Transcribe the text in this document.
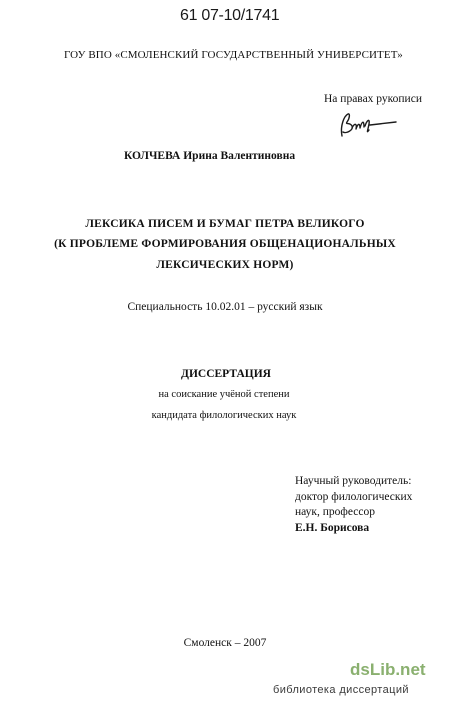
61 07-10/1741
ГОУ ВПО «СМОЛЕНСКИЙ ГОСУДАРСТВЕННЫЙ УНИВЕРСИТЕТ»
На правах рукописи
КОЛЧЕВА Ирина Валентиновна
ЛЕКСИКА ПИСЕМ И БУМАГ ПЕТРА ВЕЛИКОГО
(К ПРОБЛЕМЕ ФОРМИРОВАНИЯ ОБЩЕНАЦИОНАЛЬНЫХ
ЛЕКСИЧЕСКИХ НОРМ)
Специальность 10.02.01 – русский язык
ДИССЕРТАЦИЯ
на соискание учёной степени
кандидата филологических наук
Научный руководитель:
доктор филологических
наук, профессор
Е.Н. Борисова
Смоленск – 2007
dsLib.net
библиотека диссертаций
